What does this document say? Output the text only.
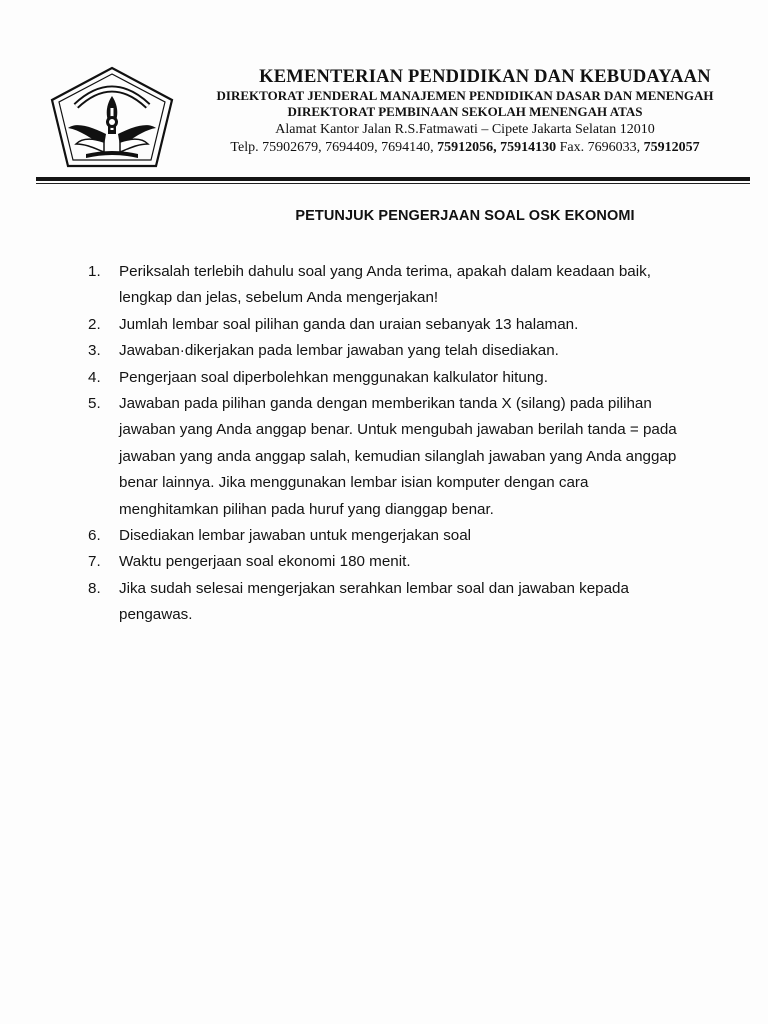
KEMENTERIAN PENDIDIKAN DAN KEBUDAYAAN
DIREKTORAT JENDERAL MANAJEMEN PENDIDIKAN DASAR DAN MENENGAH
DIREKTORAT PEMBINAAN SEKOLAH MENENGAH ATAS
Alamat Kantor Jalan R.S.Fatmawati – Cipete Jakarta Selatan 12010
Telp. 75902679, 7694409, 7694140, 75912056, 75914130 Fax. 7696033, 75912057
PETUNJUK PENGERJAAN SOAL OSK EKONOMI
1. Periksalah terlebih dahulu soal yang Anda terima, apakah dalam keadaan baik, lengkap dan jelas, sebelum Anda mengerjakan!
2. Jumlah lembar soal pilihan ganda dan uraian sebanyak 13 halaman.
3. Jawaban·dikerjakan pada lembar jawaban yang telah disediakan.
4. Pengerjaan soal diperbolehkan menggunakan kalkulator hitung.
5. Jawaban pada pilihan ganda dengan memberikan tanda X (silang) pada pilihan jawaban yang Anda anggap benar. Untuk mengubah jawaban berilah tanda = pada jawaban yang anda anggap salah, kemudian silanglah jawaban yang Anda anggap benar lainnya. Jika menggunakan lembar isian komputer dengan cara menghitamkan pilihan pada huruf yang dianggap benar.
6. Disediakan lembar jawaban untuk mengerjakan soal
7. Waktu pengerjaan soal ekonomi 180 menit.
8. Jika sudah selesai mengerjakan serahkan lembar soal dan jawaban kepada pengawas.
